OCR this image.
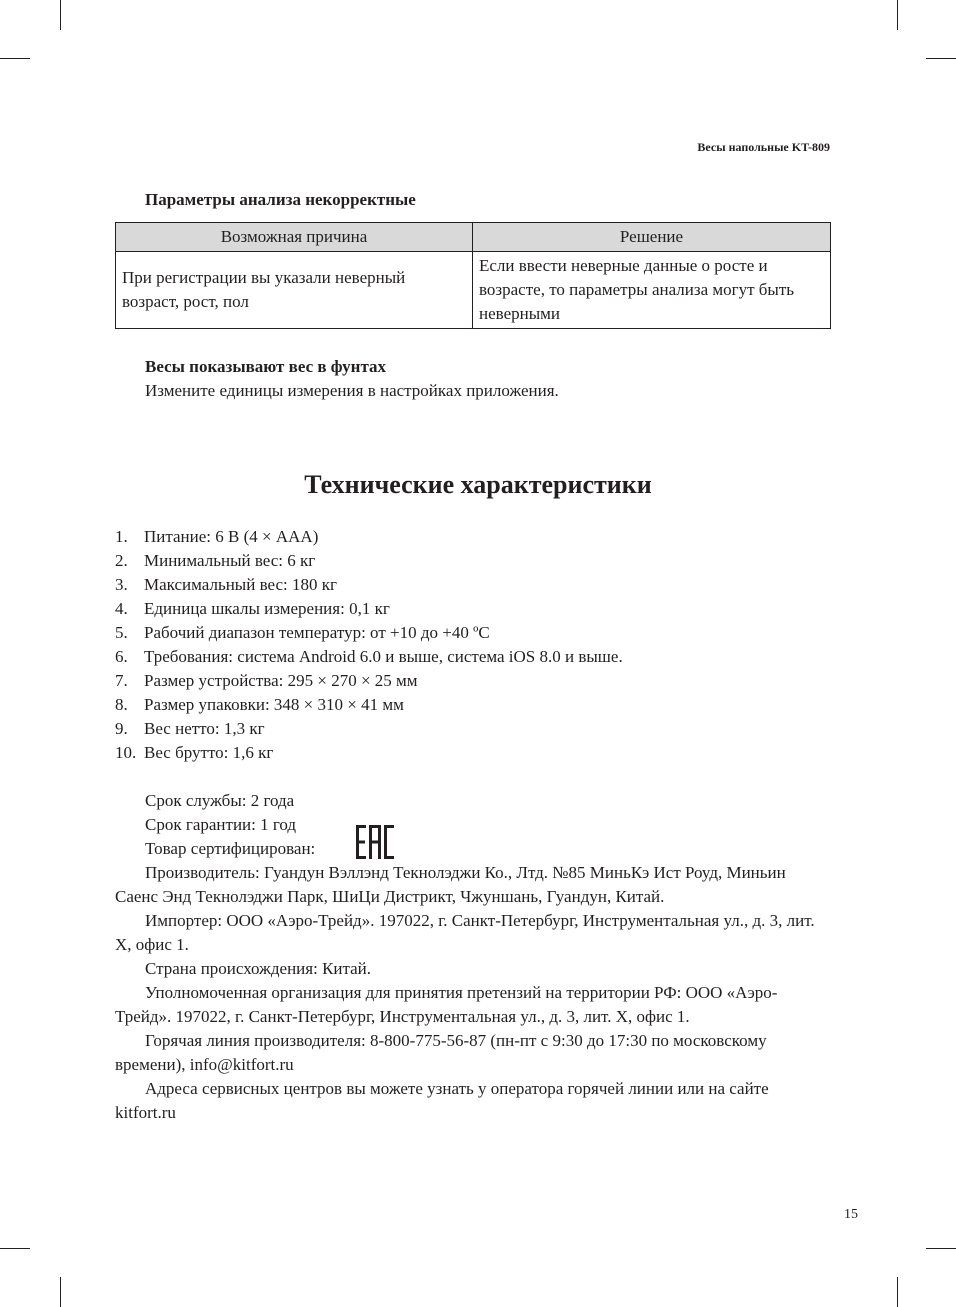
Весы напольные KT-809
Параметры анализа некорректные
Возможная причина	Решение
При регистрации вы указали неверный возраст, рост, пол	Если ввести неверные данные о росте и возрасте, то параметры анализа могут быть неверными
Весы показывают вес в фунтах
Измените единицы измерения в настройках приложения.
Технические характеристики
1. Питание: 6 В (4 × AAA)
2. Минимальный вес: 6 кг
3. Максимальный вес: 180 кг
4. Единица шкалы измерения: 0,1 кг
5. Рабочий диапазон температур: от +10 до +40 ºС
6. Требования: система Android 6.0 и выше, система iOS 8.0 и выше.
7. Размер устройства: 295 × 270 × 25 мм
8. Размер упаковки: 348 × 310 × 41 мм
9. Вес нетто: 1,3 кг
10. Вес брутто: 1,6 кг

Срок службы: 2 года

Срок гарантии: 1 год

Товар сертифицирован:

Производитель: Гуандун Вэллэнд Текнолэджи Ко., Лтд. №85 МиньКэ Ист Роуд, Миньин Саенс Энд Текнолэджи Парк, ШиЦи Дистрикт, Чжуншань, Гуандун, Китай.

Импортер: ООО «Аэро-Трейд». 197022, г. Санкт-Петербург, Инструментальная ул., д. 3, лит. Х, офис 1.

Страна происхождения: Китай.

Уполномоченная организация для принятия претензий на территории РФ: ООО «Аэро-Трейд». 197022, г. Санкт-Петербург, Инструментальная ул., д. 3, лит. Х, офис 1.

Горячая линия производителя: 8-800-775-56-87 (пн-пт с 9:30 до 17:30 по московскому времени), info@kitfort.ru

Адреса сервисных центров вы можете узнать у оператора горячей линии или на сайте kitfort.ru

15
